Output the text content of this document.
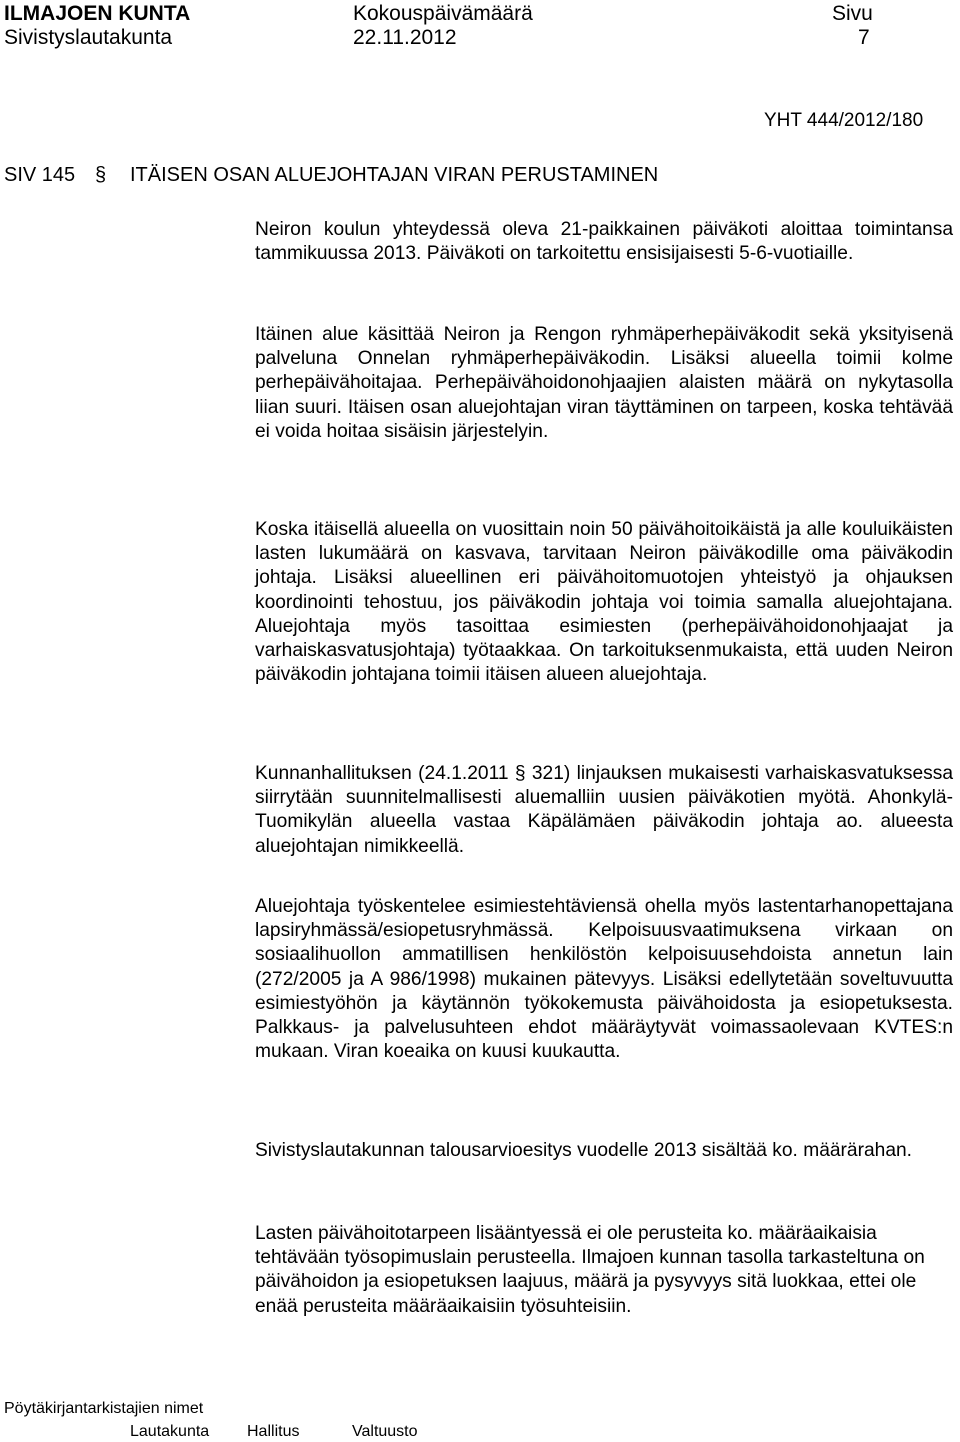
ILMAJOEN KUNTA
Sivistyslautakunta
Kokouspäivämäärä
22.11.2012
Sivu
7
YHT 444/2012/180
SIV 145 § ITÄISEN OSAN ALUEJOHTAJAN VIRAN PERUSTAMINEN

Neiron koulun yhteydessä oleva 21-paikkainen päiväkoti aloittaa toimintansa tammikuussa 2013. Päiväkoti on tarkoitettu ensisijaisesti 5-6-vuotiaille.

Itäinen alue käsittää Neiron ja Rengon ryhmäperhepäiväkodit sekä yksityisenä palveluna Onnelan ryhmäperhepäiväkodin. Lisäksi alueella toimii kolme perhepäivähoitajaa. Perhepäivähoidonohjaajien alaisten määrä on nykytasolla liian suuri. Itäisen osan aluejohtajan viran täyttäminen on tarpeen, koska tehtävää ei voida hoitaa sisäisin järjestelyin.

Koska itäisellä alueella on vuosittain noin 50 päivähoitoikäistä ja alle kouluikäisten lasten lukumäärä on kasvava, tarvitaan Neiron päiväkodille oma päiväkodin johtaja. Lisäksi alueellinen eri päivähoitomuotojen yhteistyö ja ohjauksen koordinointi tehostuu, jos päiväkodin johtaja voi toimia samalla aluejohtajana. Aluejohtaja myös tasoittaa esimiesten (perhepäivähoidonohjaajat ja varhaiskasvatusjohtaja) työtaakkaa. On tarkoituksenmukaista, että uuden Neiron päiväkodin johtajana toimii itäisen alueen aluejohtaja.

Kunnanhallituksen (24.1.2011 § 321) linjauksen mukaisesti varhaiskasvatuksessa siirrytään suunnitelmallisesti aluemalliin uusien päiväkotien myötä. Ahonkylä-Tuomikylän alueella vastaa Käpälämäen päiväkodin johtaja ao. alueesta aluejohtajan nimikkeellä.

Aluejohtaja työskentelee esimiestehtäviensä ohella myös lastentarhanopettajana lapsiryhmässä/esiopetusryhmässä. Kelpoisuusvaatimuksena virkaan on sosiaalihuollon ammatillisen henkilöstön kelpoisuusehdoista annetun lain (272/2005 ja A 986/1998) mukainen pätevyys. Lisäksi edellytetään soveltuvuutta esimiestyöhön ja käytännön työkokemusta päivähoidosta ja esiopetuksesta. Palkkaus- ja palvelusuhteen ehdot määräytyvät voimassaolevaan KVTES:n mukaan. Viran koeaika on kuusi kuukautta.

Sivistyslautakunnan talousarvioesitys vuodelle 2013 sisältää ko. määrärahan.

Lasten päivähoitotarpeen lisääntyessä ei ole perusteita ko. määräaikaisia tehtävään työsopimuslain perusteella. Ilmajoen kunnan tasolla tarkasteltuna on päivähoidon ja esiopetuksen laajuus, määrä ja pysyvyys sitä luokkaa, ettei ole enää perusteita määräaikaisiin työsuhteisiin.

Pöytäkirjantarkistajien nimet
Lautakunta Hallitus	Valtuusto
